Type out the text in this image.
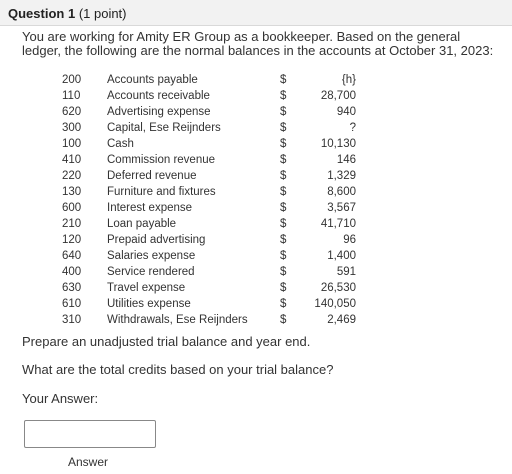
Question 1 (1 point)
You are working for Amity ER Group as a bookkeeper. Based on the general ledger, the following are the normal balances in the accounts at October 31, 2023:
200 Accounts payable	$	{h}
110 Accounts receivable	$	28,700
620 Advertising expense	$	940
300 Capital, Ese Reijnders	$	?
100 Cash	$	10,130
410 Commission revenue	$	146
220 Deferred revenue	$	1,329
130 Furniture and fixtures	$	8,600
600 Interest expense	$	3,567
210 Loan payable	$	41,710
120 Prepaid advertising	$	96
640 Salaries expense	$	1,400
400 Service rendered	$	591
630 Travel expense	$	26,530
610 Utilities expense	$ 140,050
310 Withdrawals, Ese Reijnders	$	2,469
Prepare an unadjusted trial balance and year end.
What are the total credits based on your trial balance?
Your Answer:
Answer
